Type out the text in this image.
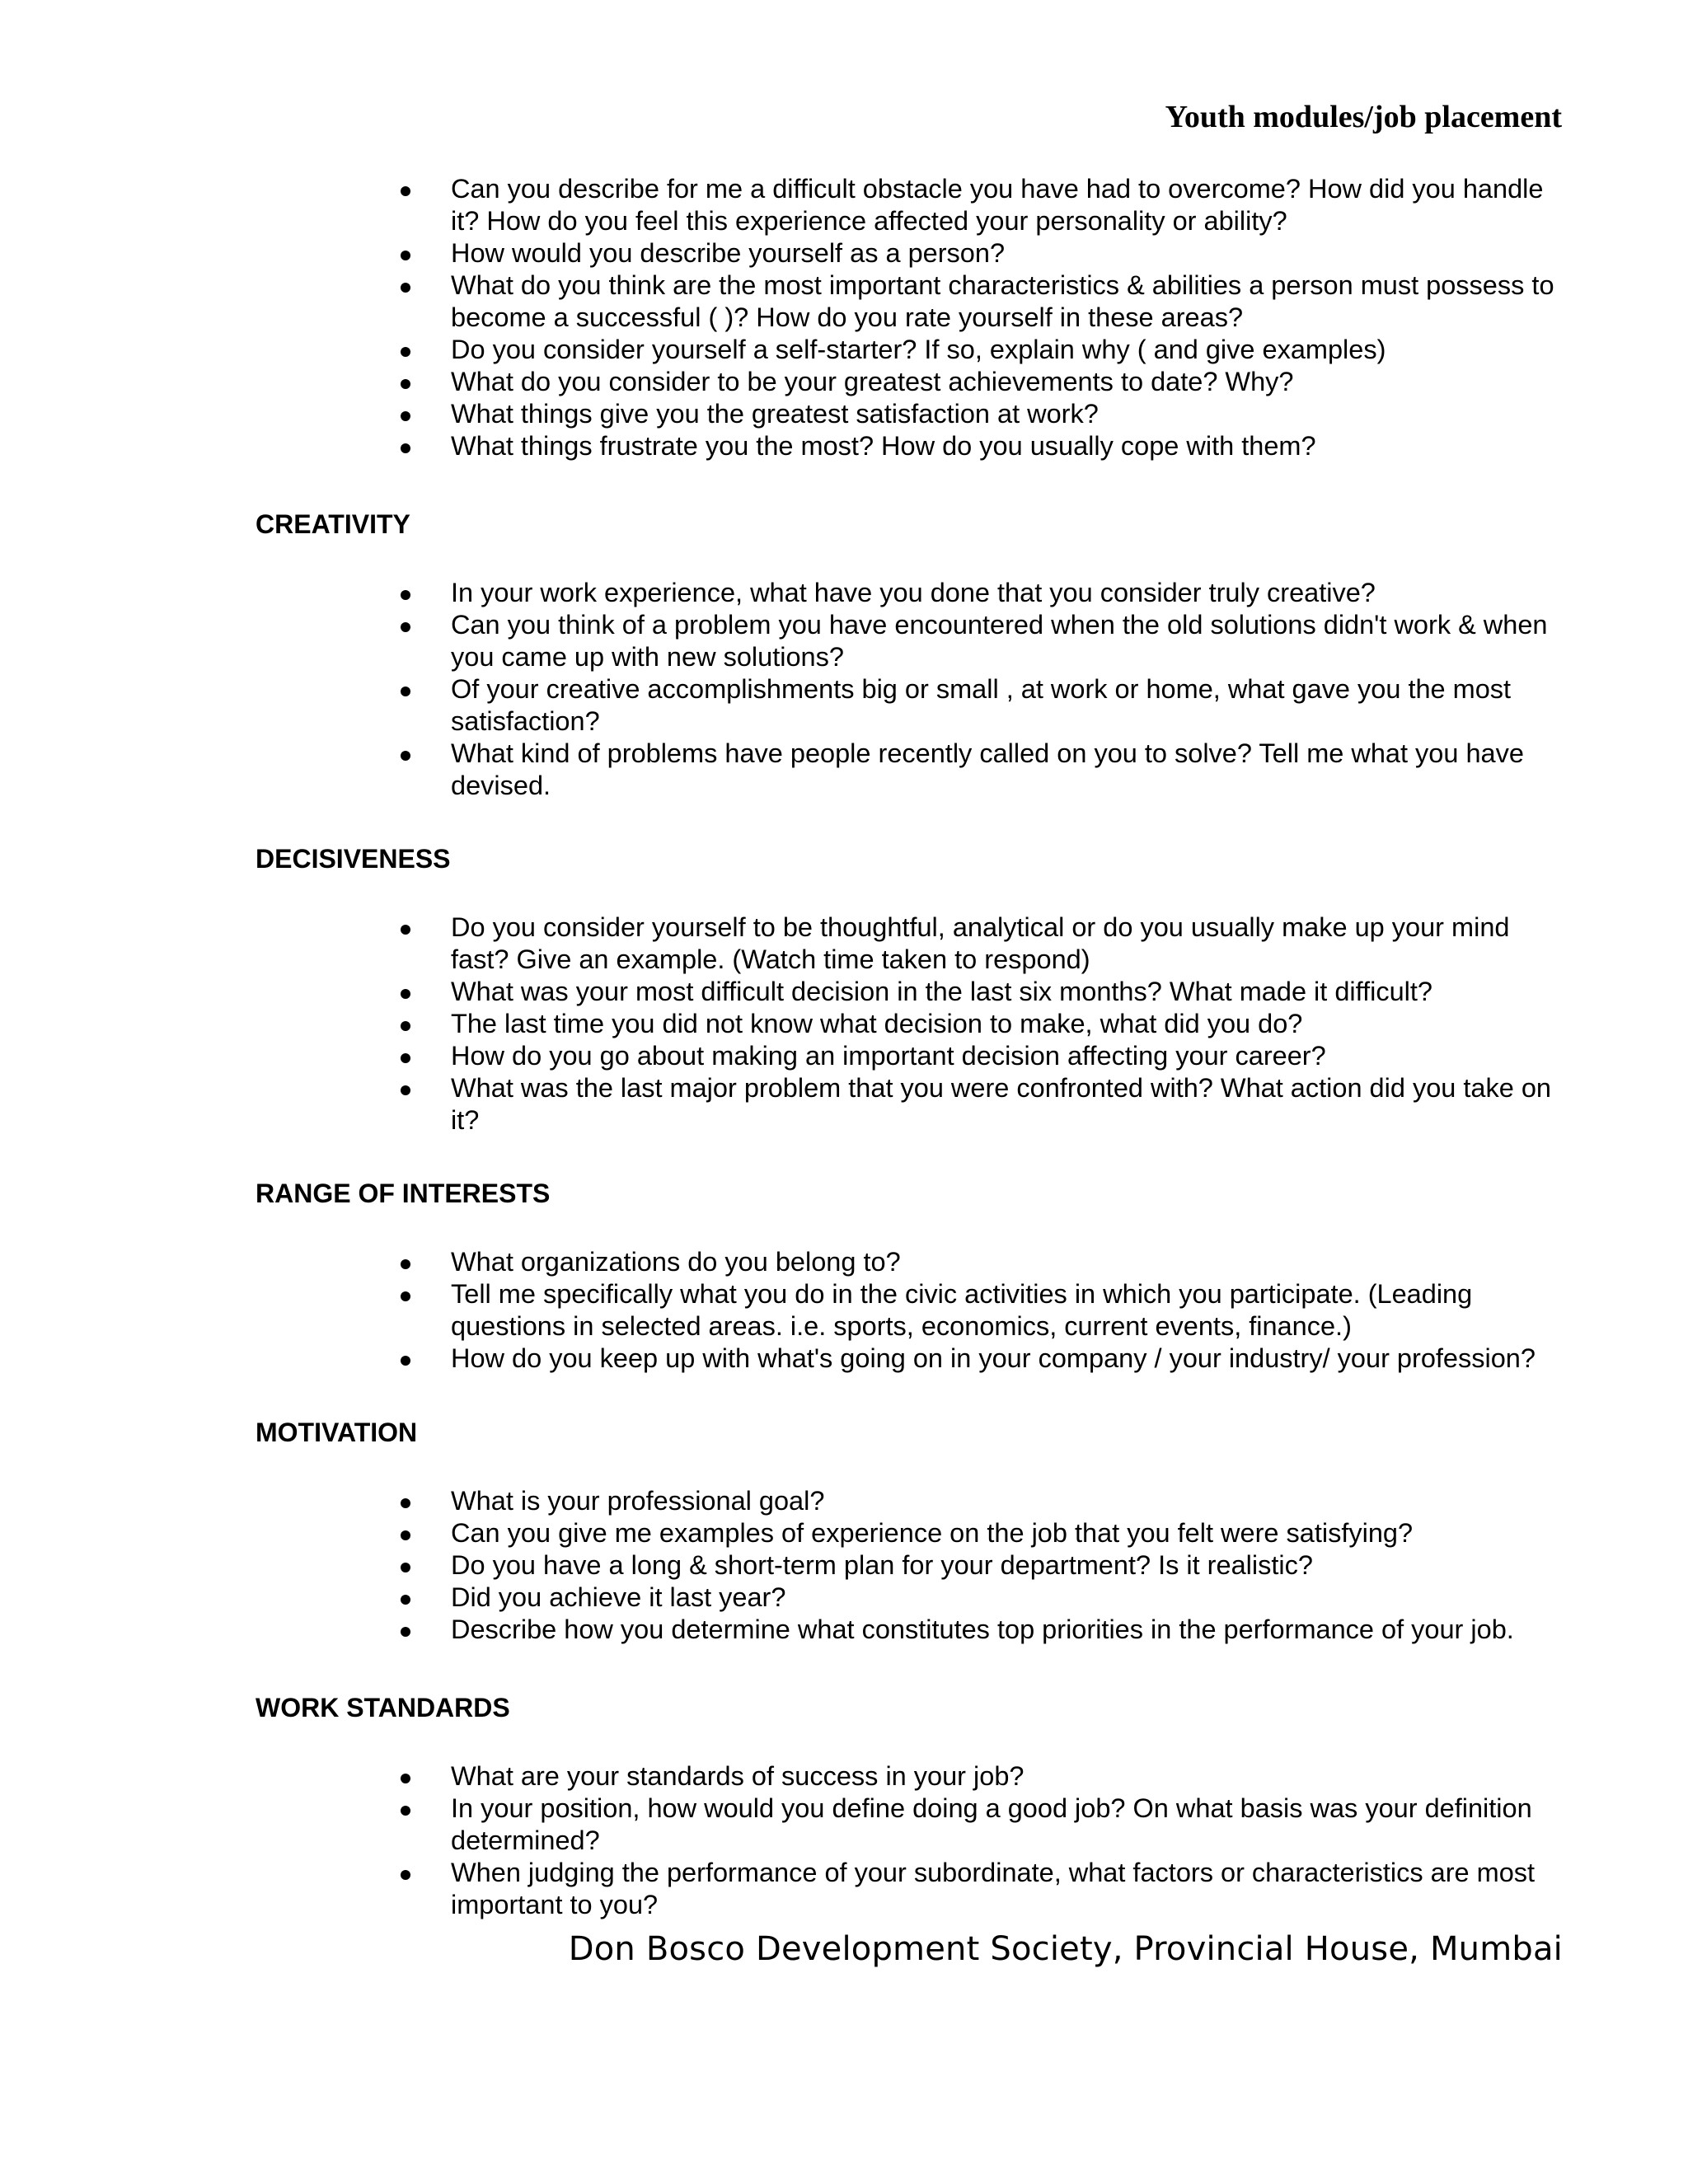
Youth modules/job placement
Can you describe for me a difficult obstacle you have had to overcome? How did you handle it? How do you feel this experience affected your personality or ability?
How would you describe yourself as a person?
What do you think are the most important characteristics & abilities a person must possess to become a successful ( )? How do you rate yourself in these areas?
Do you consider yourself a self-starter? If so, explain why ( and give examples)
What do you consider to be your greatest achievements to date? Why?
What things give you the greatest satisfaction at work?
What things frustrate you the most? How do you usually cope with them?
CREATIVITY
In your work experience, what have you done that you consider truly creative?
Can you think of a problem you have encountered when the old solutions didn't work & when you came up with new solutions?
Of your creative accomplishments big or small , at work or home, what gave you the most satisfaction?
What kind of problems have people recently called on you to solve? Tell me what you have devised.
DECISIVENESS
Do you consider yourself to be thoughtful, analytical or do you usually make up your mind fast? Give an example. (Watch time taken to respond)
What was your most difficult decision in the last six months? What made it difficult?
The last time you did not know what decision to make, what did you do?
How do you go about making an important decision affecting your career?
What was the last major problem that you were confronted with? What action did you take on it?
RANGE OF INTERESTS
What organizations do you belong to?
Tell me specifically what you do in the civic activities in which you participate. (Leading questions in selected areas. i.e. sports, economics, current events, finance.)
How do you keep up with what's going on in your company / your industry/ your profession?
MOTIVATION
What is your professional goal?
Can you give me examples of experience on the job that you felt were satisfying?
Do you have a long & short-term plan for your department? Is it realistic?
Did you achieve it last year?
Describe how you determine what constitutes top priorities in the performance of your job.
WORK STANDARDS
What are your standards of success in your job?
In your position, how would you define doing a good job? On what basis was your definition determined?
When judging the performance of your subordinate, what factors or characteristics are most important to you?
Don Bosco Development Society, Provincial House, Mumbai
